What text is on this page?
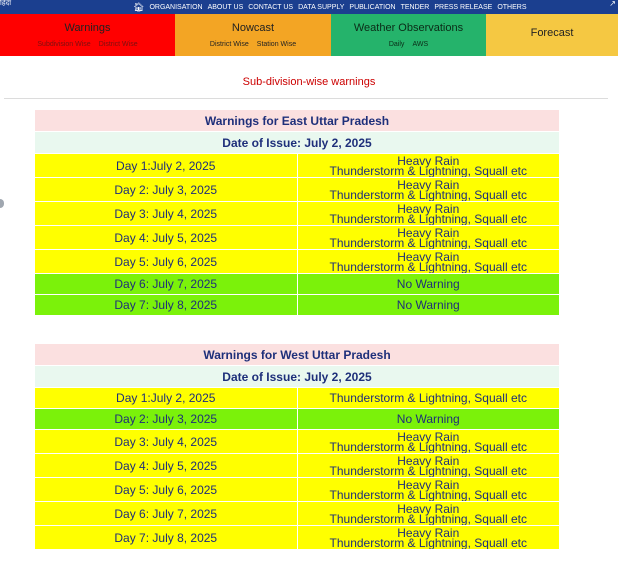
हिंदी	🏠︎ ORGANISATION ABOUT US CONTACT US DATA SUPPLY PUBLICATION TENDER PRESS RELEASE OTHERS	↗
Warnings
Subdivision Wise District Wise
Nowcast
District Wise Station Wise
Weather Observations
Daily AWS
Forecast
Sub-division-wise warnings
Warnings for East Uttar Pradesh	
Date of Issue: July 2, 2025	
Day 1:July 2, 2025	Heavy Rain
Thunderstorm & Lightning, Squall etc

Day 2: July 3, 2025	Heavy Rain
Thunderstorm & Lightning, Squall etc

Day 3: July 4, 2025	Heavy Rain
Thunderstorm & Lightning, Squall etc

Day 4: July 5, 2025	Heavy Rain
Thunderstorm & Lightning, Squall etc

Day 5: July 6, 2025	Heavy Rain
Thunderstorm & Lightning, Squall etc

Day 6: July 7, 2025	No Warning
Day 7: July 8, 2025	No Warning
Warnings for West Uttar Pradesh	
Date of Issue: July 2, 2025	
Day 1:July 2, 2025	Thunderstorm & Lightning, Squall etc
Day 2: July 3, 2025	No Warning
Day 3: July 4, 2025	Heavy Rain
Thunderstorm & Lightning, Squall etc

Day 4: July 5, 2025	Heavy Rain
Thunderstorm & Lightning, Squall etc

Day 5: July 6, 2025	Heavy Rain
Thunderstorm & Lightning, Squall etc

Day 6: July 7, 2025	Heavy Rain
Thunderstorm & Lightning, Squall etc

Day 7: July 8, 2025	Heavy Rain
Thunderstorm & Lightning, Squall etc
